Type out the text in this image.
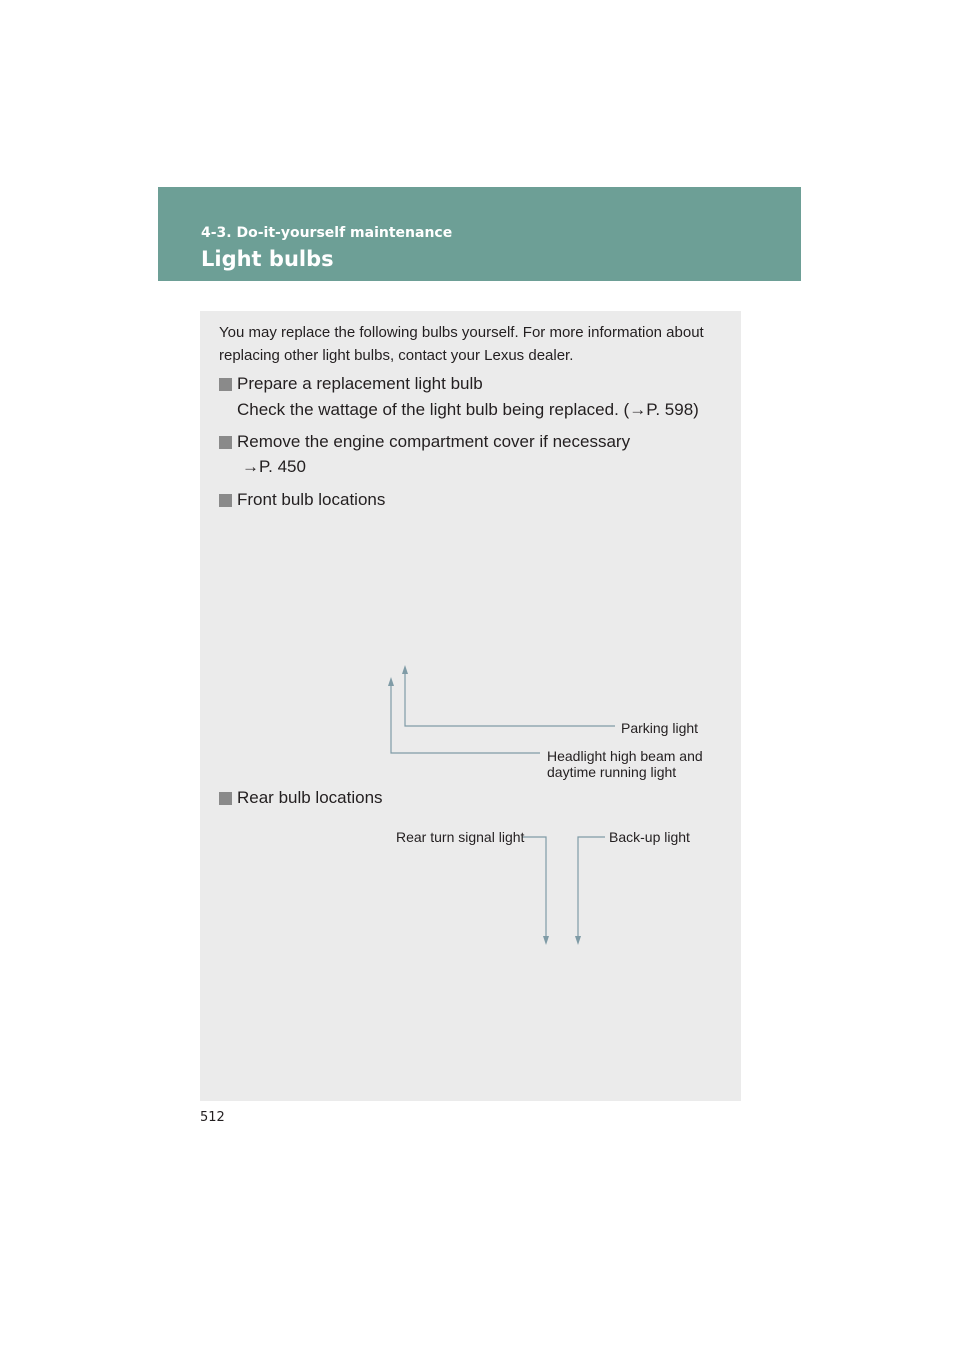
4-3. Do-it-yourself maintenance
Light bulbs
You may replace the following bulbs yourself. For more information about replacing other light bulbs, contact your Lexus dealer.
Prepare a replacement light bulb
Check the wattage of the light bulb being replaced. (→P. 598)
Remove the engine compartment cover if necessary
→P. 450
Front bulb locations
Parking light
Headlight high beam and
daytime running light
Rear bulb locations
Rear turn signal light	Back-up light
512
